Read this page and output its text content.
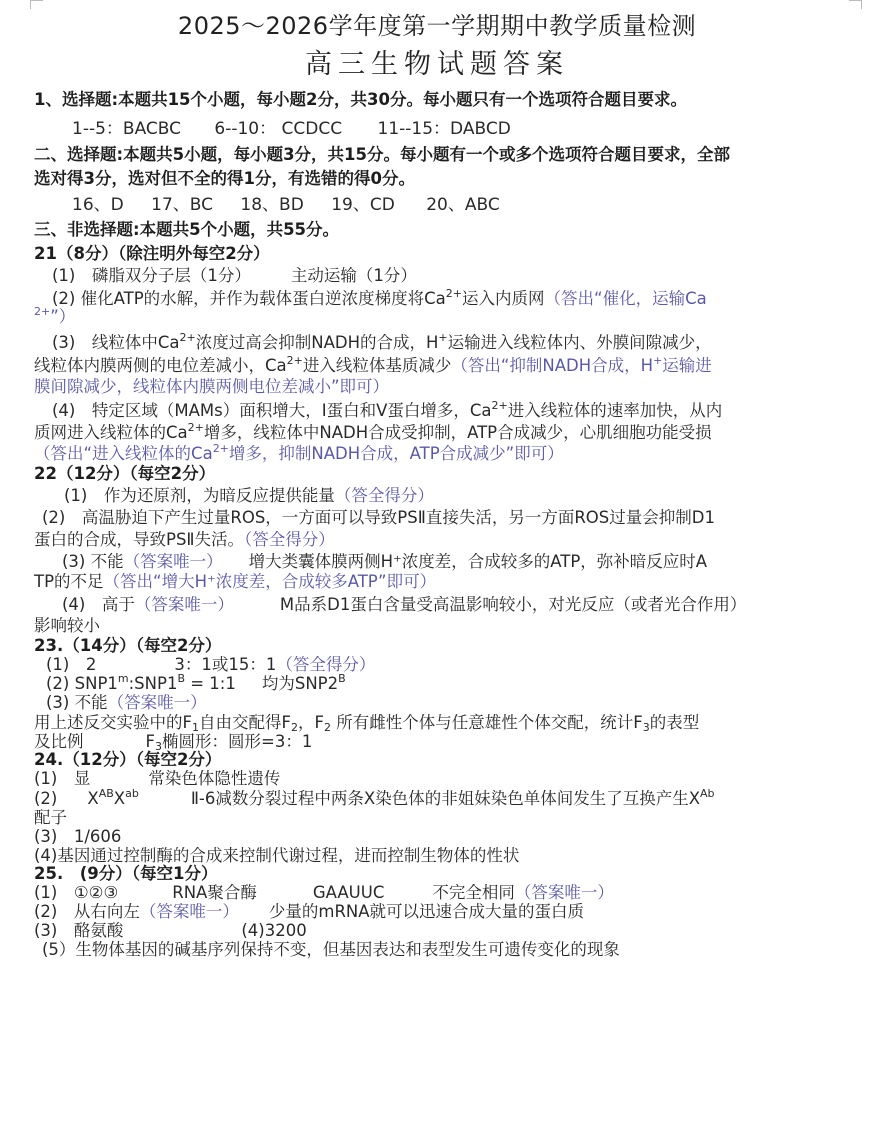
2025～2026学年度第一学期期中教学质量检测
高三生物试题答案
1、选择题:本题共15个小题，每小题2分，共30分。每小题只有一个选项符合题目要求。
1--5：BACBC 6--10： CCDCC 11--15：DABCD
二、选择题:本题共5小题，每小题3分，共15分。每小题有一个或多个选项符合题目要求，全部
选对得3分，选对但不全的得1分，有选错的得0分。
16、D 17、BC 18、BD 19、CD 20、ABC
三、非选择题:本题共5个小题，共55分。
21（8分）（除注明外每空2分）
(1)　磷脂双分子层（1分） 主动运输（1分）
(2) 催化ATP的水解，并作为载体蛋白逆浓度梯度将$Ca^{2+}$运入内质网（答出“催化，运输Ca
$^{2+}$”）
(3)　线粒体中$Ca^{2+}$浓度过高会抑制NADH的合成，H+运输进入线粒体内、外膜间隙减少，
线粒体内膜两侧的电位差减小，$Ca^{2+}$进入线粒体基质减少（答出“抑制NADH合成，H+运输进
膜间隙减少，线粒体内膜两侧电位差减小”即可）
(4)　特定区域（MAMs）面积增大，I蛋白和V蛋白增多，$Ca^{2+}$进入线粒体的速率加快，从内
质网进入线粒体的$Ca^{2+}$增多，线粒体中NADH合成受抑制，ATP合成减少，心肌细胞功能受损
（答出“进入线粒体的$Ca^{2+}$增多，抑制NADH合成，ATP合成减少”即可）
22（12分）（每空2分）
(1)　作为还原剂，为暗反应提供能量（答全得分）
(2)　高温胁迫下产生过量ROS，一方面可以导致PSⅡ直接失活，另一方面ROS过量会抑制D1
蛋白的合成，导致PSⅡ失活。（答全得分）
(3) 不能（答案唯一） 增大类囊体膜两侧H⁺浓度差，合成较多的ATP，弥补暗反应时A
TP的不足（答出“增大H⁺浓度差，合成较多ATP”即可）
(4)　高于（答案唯一）	M品系D1蛋白含量受高温影响较小，对光反应（或者光合作用）
影响较小
23.（14分）（每空2分）
(1)　2	3：1或15：1（答全得分）
(2) $SNP1^m:SNP1^B$ = 1:1 均为$SNP2^B$
(3) 不能（答案唯一）
用上述反交实验中的$F_1$自由交配得$F_2$，$F_2$ 所有雌性个体与任意雄性个体交配，统计$F_3$的表型
及比例	$F_3$椭圆形：圆形=3：1
24.（12分）（每空2分）
(1)　显	常染色体隐性遗传
(2) $X^{AB}X^{ab}$	Ⅱ-6减数分裂过程中两条X染色体的非姐妹染色单体间发生了互换产生$X^{Ab}$
配子
(3)　1/606
(4)基因通过控制酶的合成来控制代谢过程，进而控制生物体的性状
25.　(9分）（每空1分）
(1)　①②③	RNA聚合酶	GAAUUC	不完全相同（答案唯一）
(2)　从右向左（答案唯一） 少量的mRNA就可以迅速合成大量的蛋白质
(3)　酪氨酸	(4)3200
(5）生物体基因的碱基序列保持不变，但基因表达和表型发生可遗传变化的现象
